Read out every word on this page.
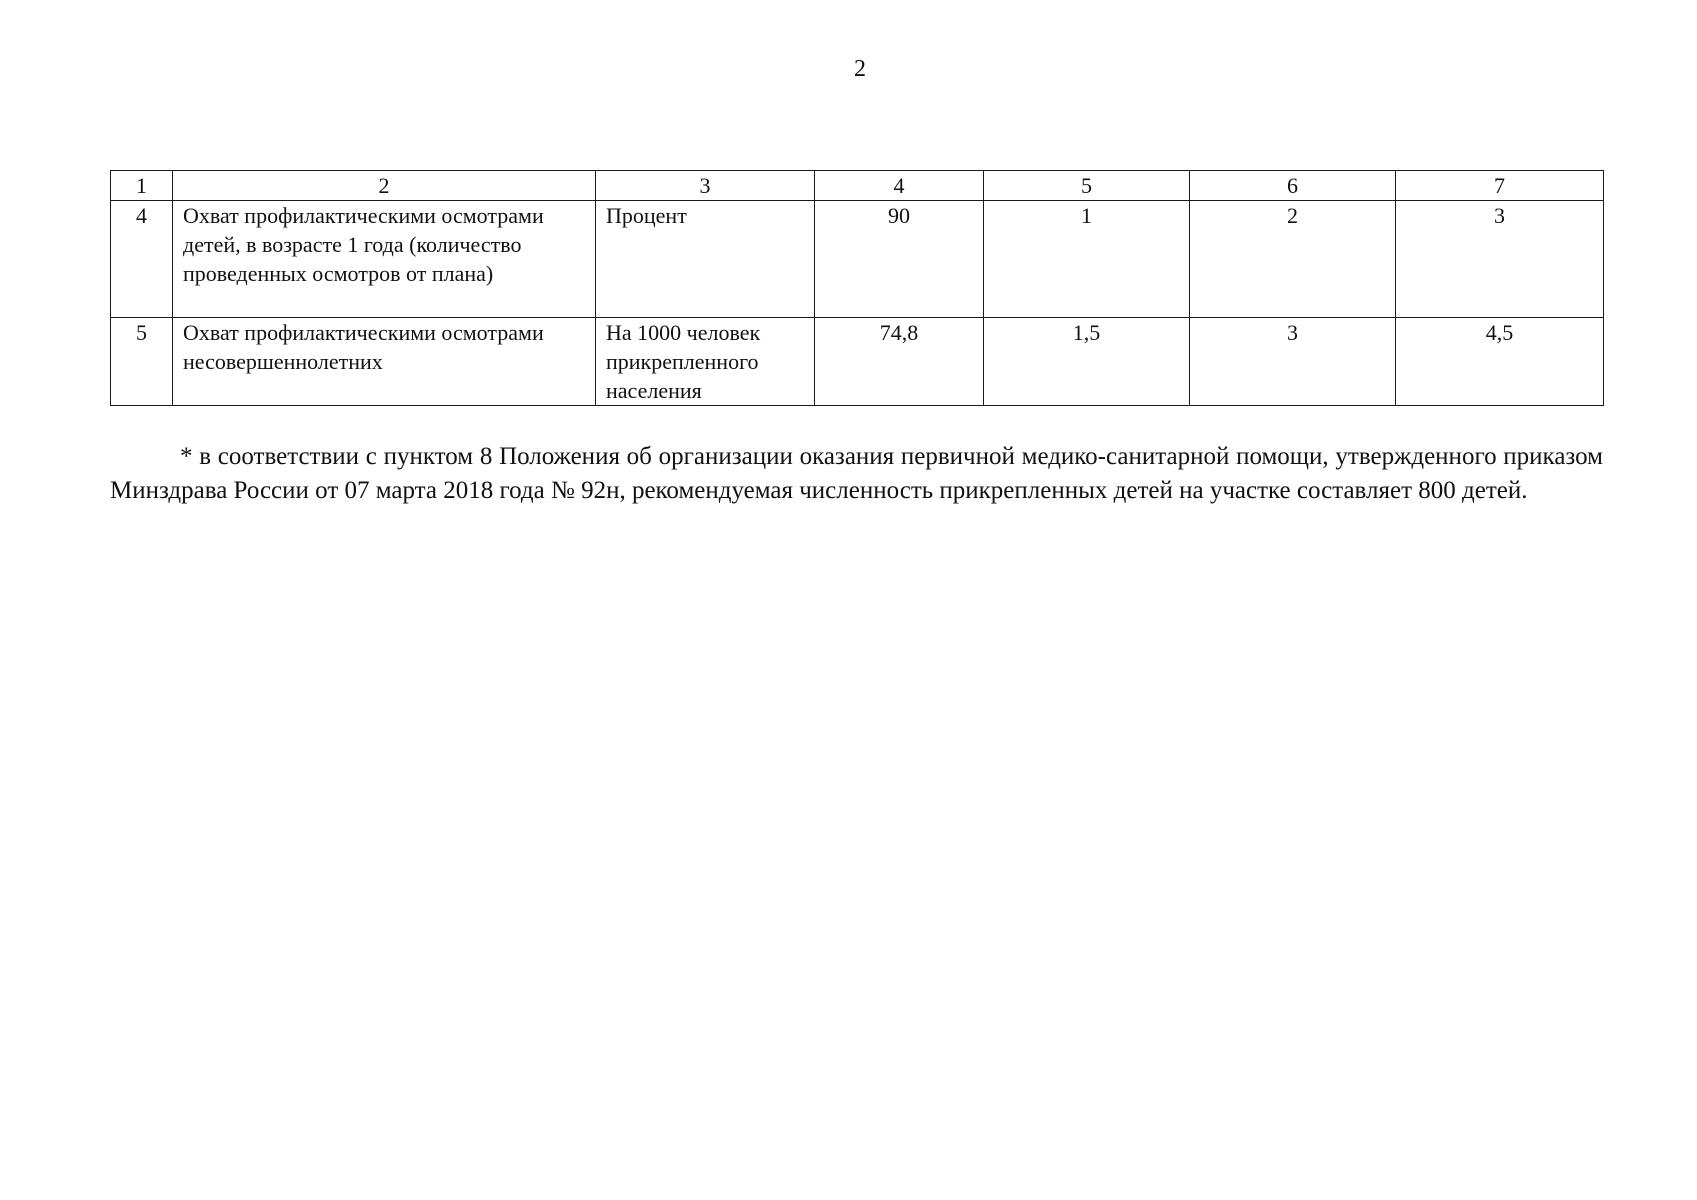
2
1	2	3	4	5	6	7
4	Охват профилактическими осмотрами детей, в возрасте 1 года (количество проведенных осмотров от плана)	Процент	90	1	2	3
5	Охват профилактическими осмотрами несовершеннолетних	На 1000 человек прикрепленного населения	74,8	1,5	3	4,5
* в соответствии с пунктом 8 Положения об организации оказания первичной медико-санитарной помощи, утвержденного приказом Минздрава России от 07 марта 2018 года № 92н, рекомендуемая численность прикрепленных детей на участке составляет 800 детей.
